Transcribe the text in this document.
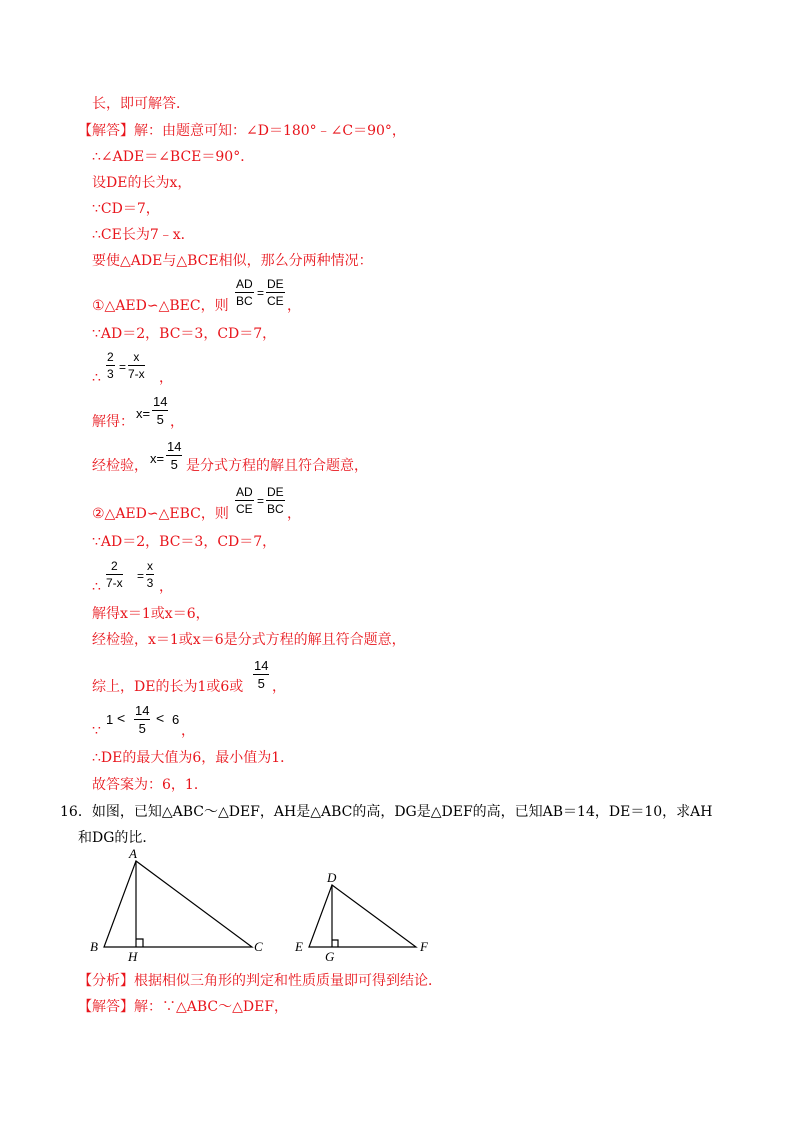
长，即可解答．
【解答】解：由题意可知：∠D＝180°﹣∠C＝90°，
∴∠ADE＝∠BCE＝90°．
设DE的长为x，
∵CD＝7，
∴CE长为7﹣x．
要使△ADE与△BCE相似，那么分两种情况：
①△AED∽△BEC，则 $\frac{AD}{BC} = \frac{DE}{CE}$ ，
∵AD＝2，BC＝3，CD＝7，
∴ $\frac{2}{3} = \frac{x}{7-x}$ ，
解得：
$x= \frac{14}{5}$ ，
经检验， $x= \frac{14}{5}$ 是分式方程的解且符合题意，
②△AED∽△EBC，则 $\frac{AD}{CE} = \frac{DE}{BC}$ ，
∵AD＝2，BC＝3，CD＝7，
∴ $\frac{2}{7-x} = \frac{x}{3}$ ，
解得x＝1或x＝6，
经检验，x＝1或x＝6是分式方程的解且符合题意，
综上，DE的长为1或6或 $\frac{14}{5}$ ，
∵
$1 < \frac{14}{5} < 6$
，
∴DE的最大值为6，最小值为1．
故答案为：6，1．
16．如图，已知△ABC～△DEF，AH是△ABC的高，DG是△DEF的高，已知AB＝14，DE＝10，求AH
和DG的比．
A
B	C
H
D
E	F
G
【分析】根据相似三角形的判定和性质质量即可得到结论．
【解答】解：∵△ABC～△DEF，
